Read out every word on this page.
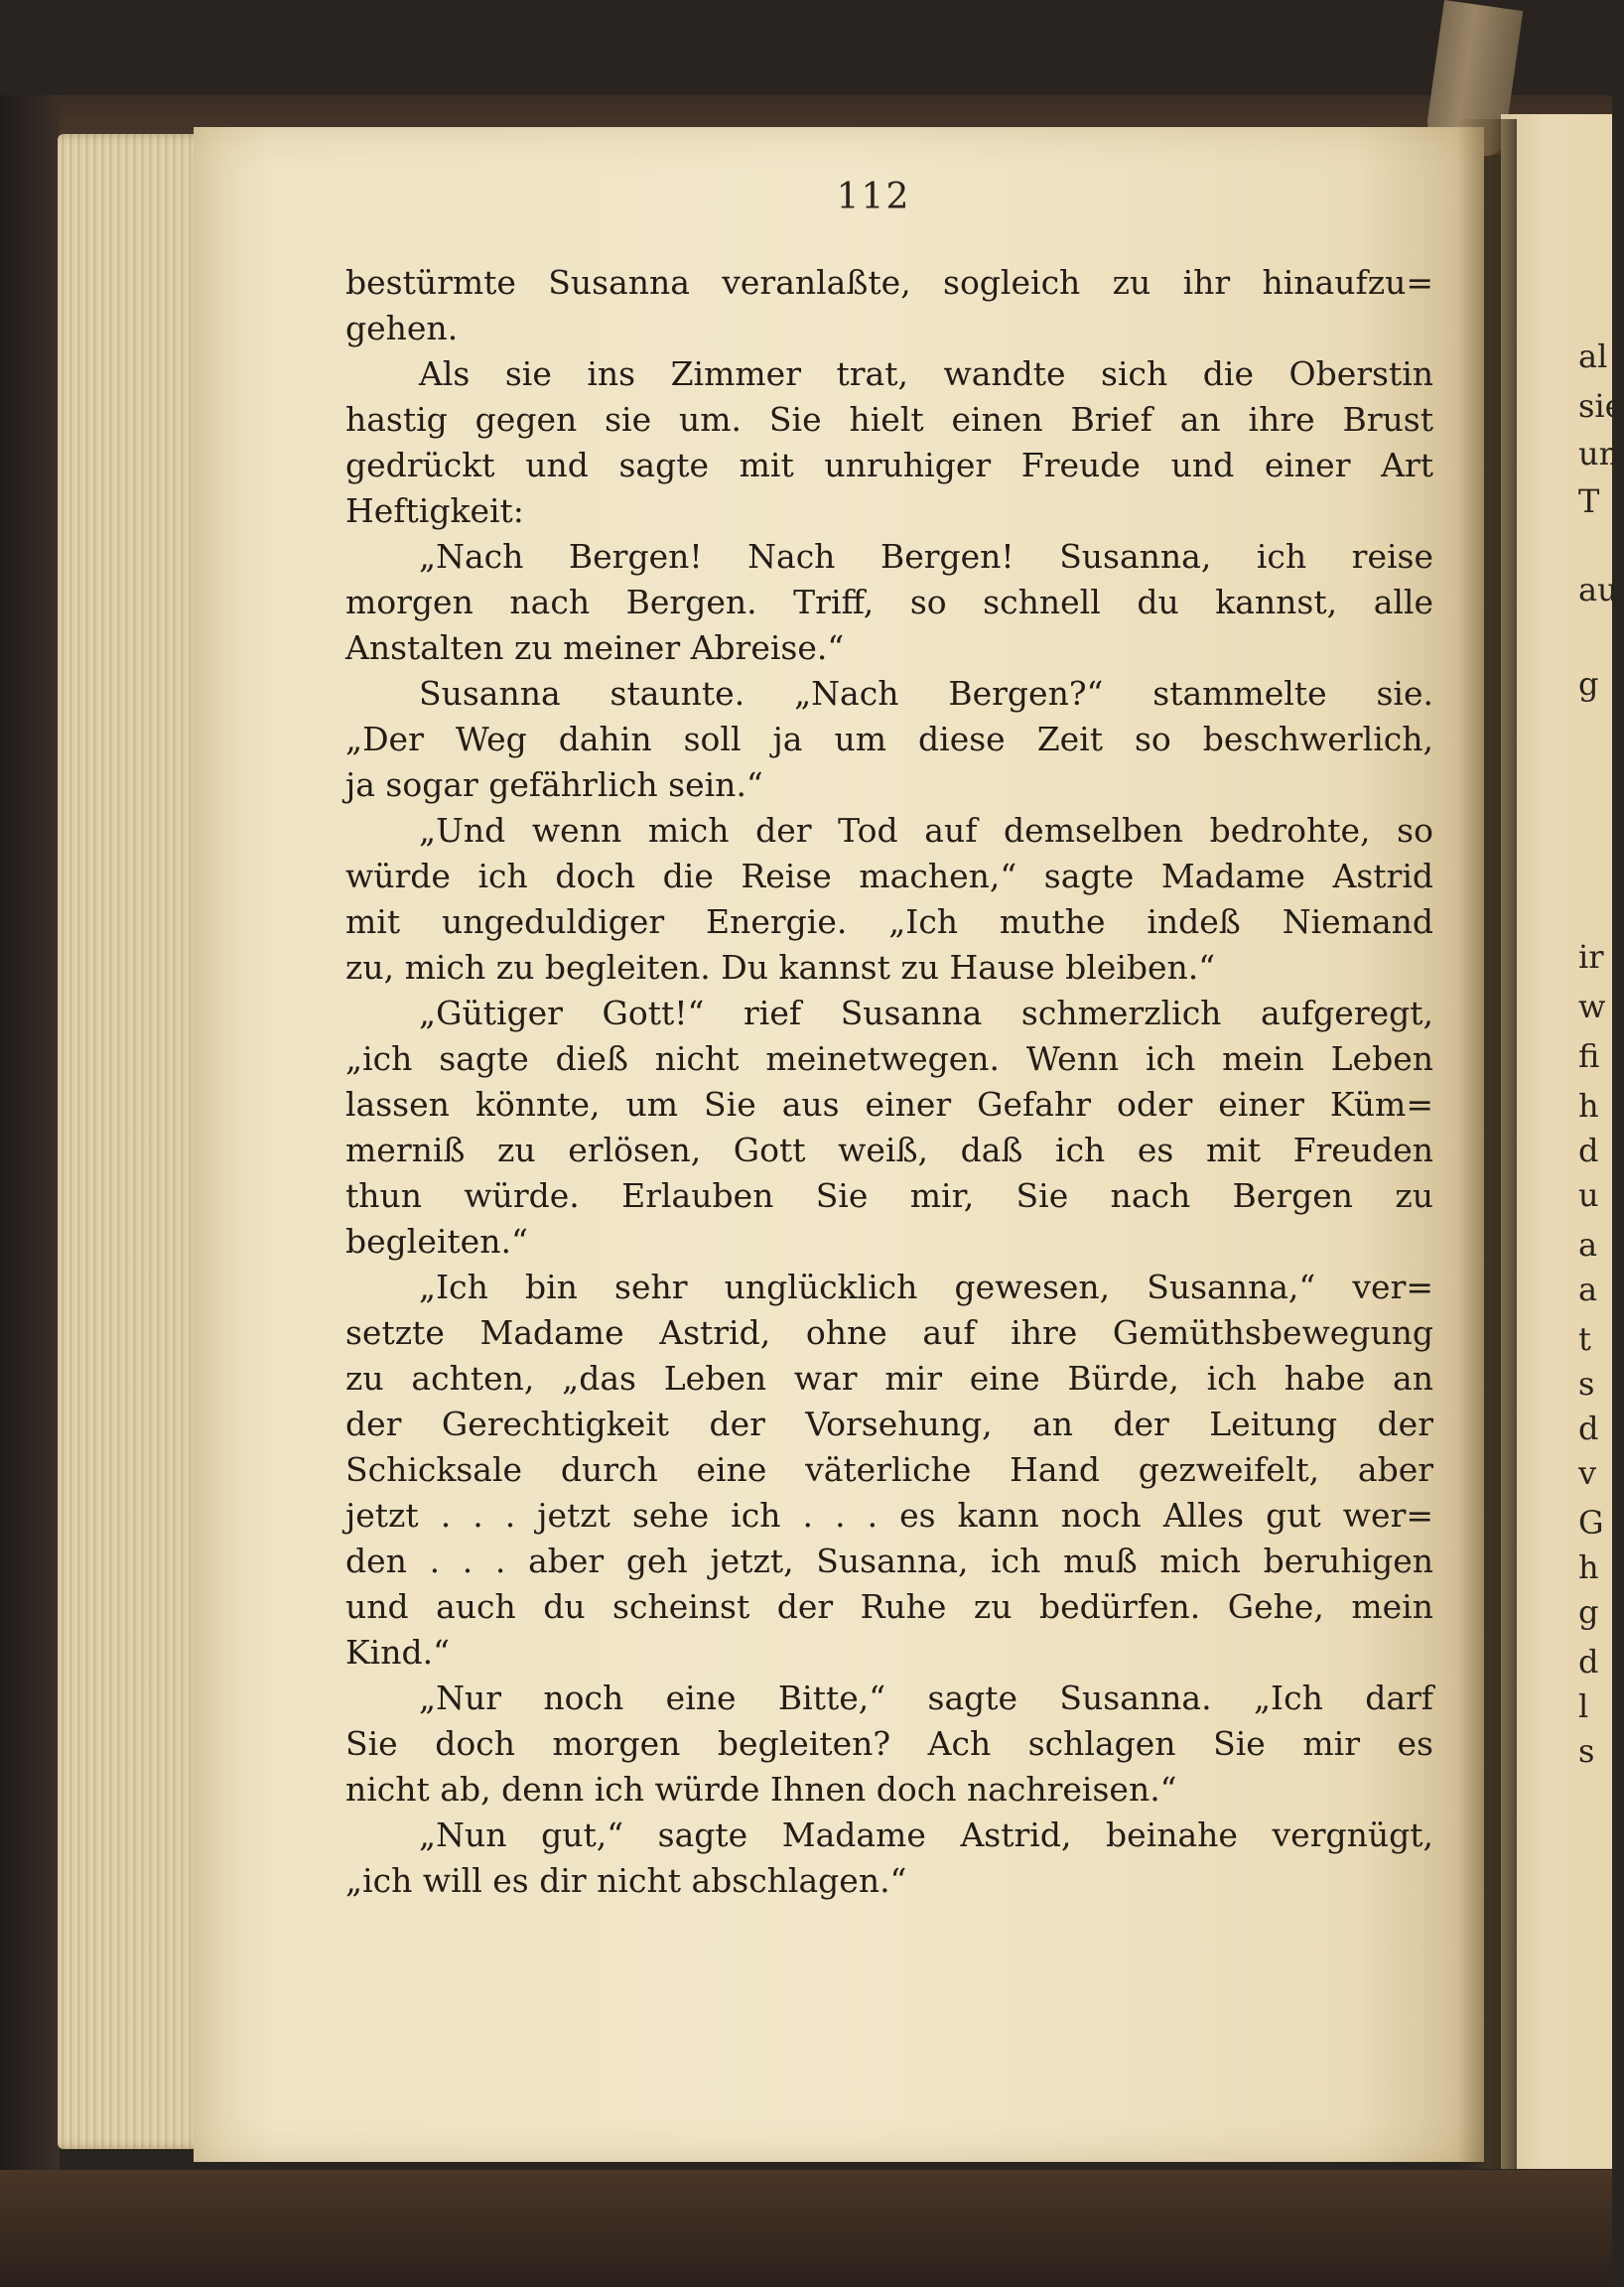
112
bestürmte Susanna veranlaßte, sogleich zu ihr hinaufzu=
gehen.
Als sie ins Zimmer trat, wandte sich die Oberstin
hastig gegen sie um. Sie hielt einen Brief an ihre Brust
gedrückt und sagte mit unruhiger Freude und einer Art
Heftigkeit:
„Nach Bergen! Nach Bergen! Susanna, ich reise
morgen nach Bergen. Triff, so schnell du kannst, alle
Anstalten zu meiner Abreise.“
Susanna staunte. „Nach Bergen?“ stammelte sie.
„Der Weg dahin soll ja um diese Zeit so beschwerlich,
ja sogar gefährlich sein.“
„Und wenn mich der Tod auf demselben bedrohte, so
würde ich doch die Reise machen,“ sagte Madame Astrid
mit ungeduldiger Energie. „Ich muthe indeß Niemand
zu, mich zu begleiten. Du kannst zu Hause bleiben.“
„Gütiger Gott!“ rief Susanna schmerzlich aufgeregt,
„ich sagte dieß nicht meinetwegen. Wenn ich mein Leben
lassen könnte, um Sie aus einer Gefahr oder einer Küm=
merniß zu erlösen, Gott weiß, daß ich es mit Freuden
thun würde. Erlauben Sie mir, Sie nach Bergen zu
begleiten.“
„Ich bin sehr unglücklich gewesen, Susanna,“ ver=
setzte Madame Astrid, ohne auf ihre Gemüthsbewegung
zu achten, „das Leben war mir eine Bürde, ich habe an
der Gerechtigkeit der Vorsehung, an der Leitung der
Schicksale durch eine väterliche Hand gezweifelt, aber
jetzt . . . jetzt sehe ich . . . es kann noch Alles gut wer=
den . . . aber geh jetzt, Susanna, ich muß mich beruhigen
und auch du scheinst der Ruhe zu bedürfen. Gehe, mein
Kind.“
„Nur noch eine Bitte,“ sagte Susanna. „Ich darf
Sie doch morgen begleiten? Ach schlagen Sie mir es
nicht ab, denn ich würde Ihnen doch nachreisen.“
„Nun gut,“ sagte Madame Astrid, beinahe vergnügt,
„ich will es dir nicht abschlagen.“
al
sie
un
T
au
g
ir
w
fi
h
d
u
a
a
t
s
d
v
G
h
g
d
l
s
